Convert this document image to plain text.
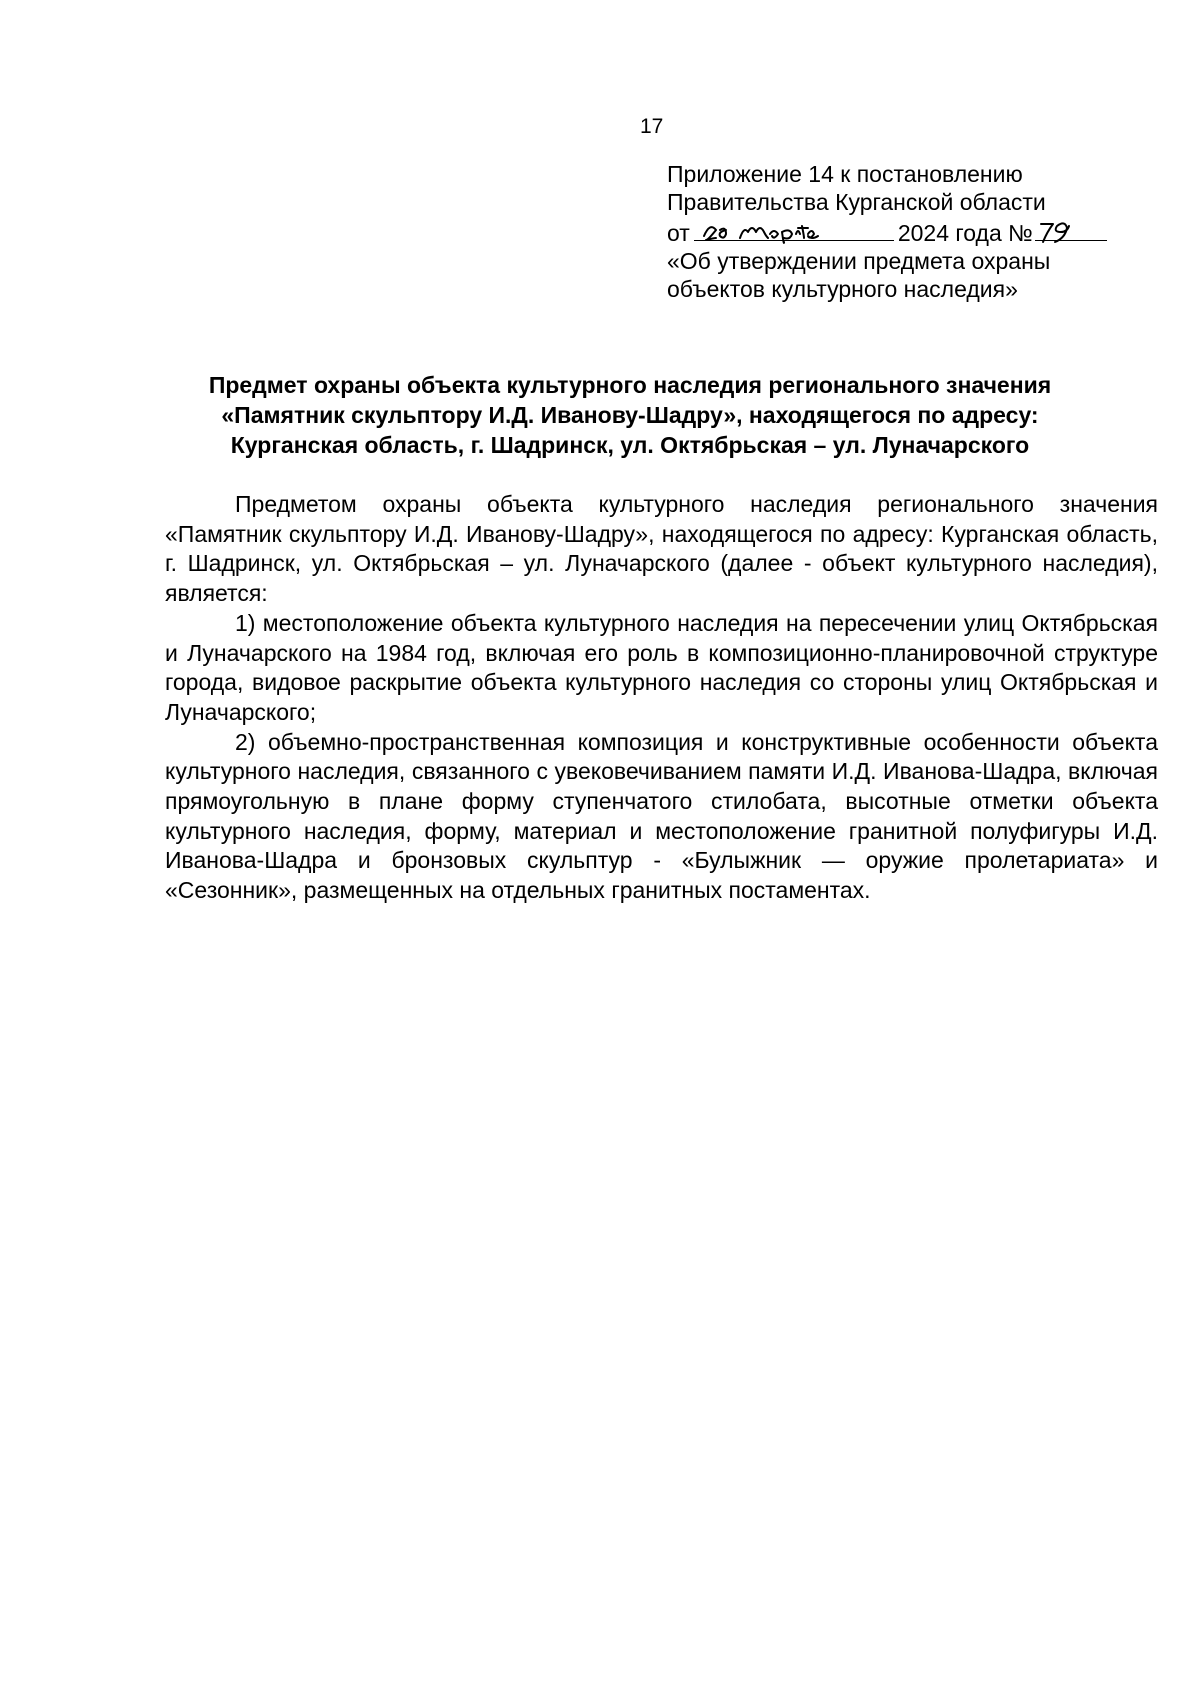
17
Приложение 14 к постановлению
Правительства Курганской области
от	2024 года №
«Об утверждении предмета охраны
объектов культурного наследия»
Предмет охраны объекта культурного наследия регионального значения
«Памятник скульптору И.Д. Иванову-Шадру», находящегося по адресу:
Курганская область, г. Шадринск, ул. Октябрьская – ул. Луначарского

Предметом охраны объекта культурного наследия регионального значения «Памятник скульптору И.Д. Иванову-Шадру», находящегося по адресу: Курганская область, г. Шадринск, ул. Октябрьская – ул. Луначарского (далее - объект культурного наследия), является:

1) местоположение объекта культурного наследия на пересечении улиц Октябрьская и Луначарского на 1984 год, включая его роль в композиционно-планировочной структуре города, видовое раскрытие объекта культурного наследия со стороны улиц Октябрьская и Луначарского;

2) объемно-пространственная композиция и конструктивные особенности объекта культурного наследия, связанного с увековечиванием памяти И.Д. Иванова-Шадра, включая прямоугольную в плане форму ступенчатого стилобата, высотные отметки объекта культурного наследия, форму, материал и местоположение гранитной полуфигуры И.Д. Иванова-Шадра и бронзовых скульптур - «Булыжник — оружие пролетариата» и «Сезонник», размещенных на отдельных гранитных постаментах.
